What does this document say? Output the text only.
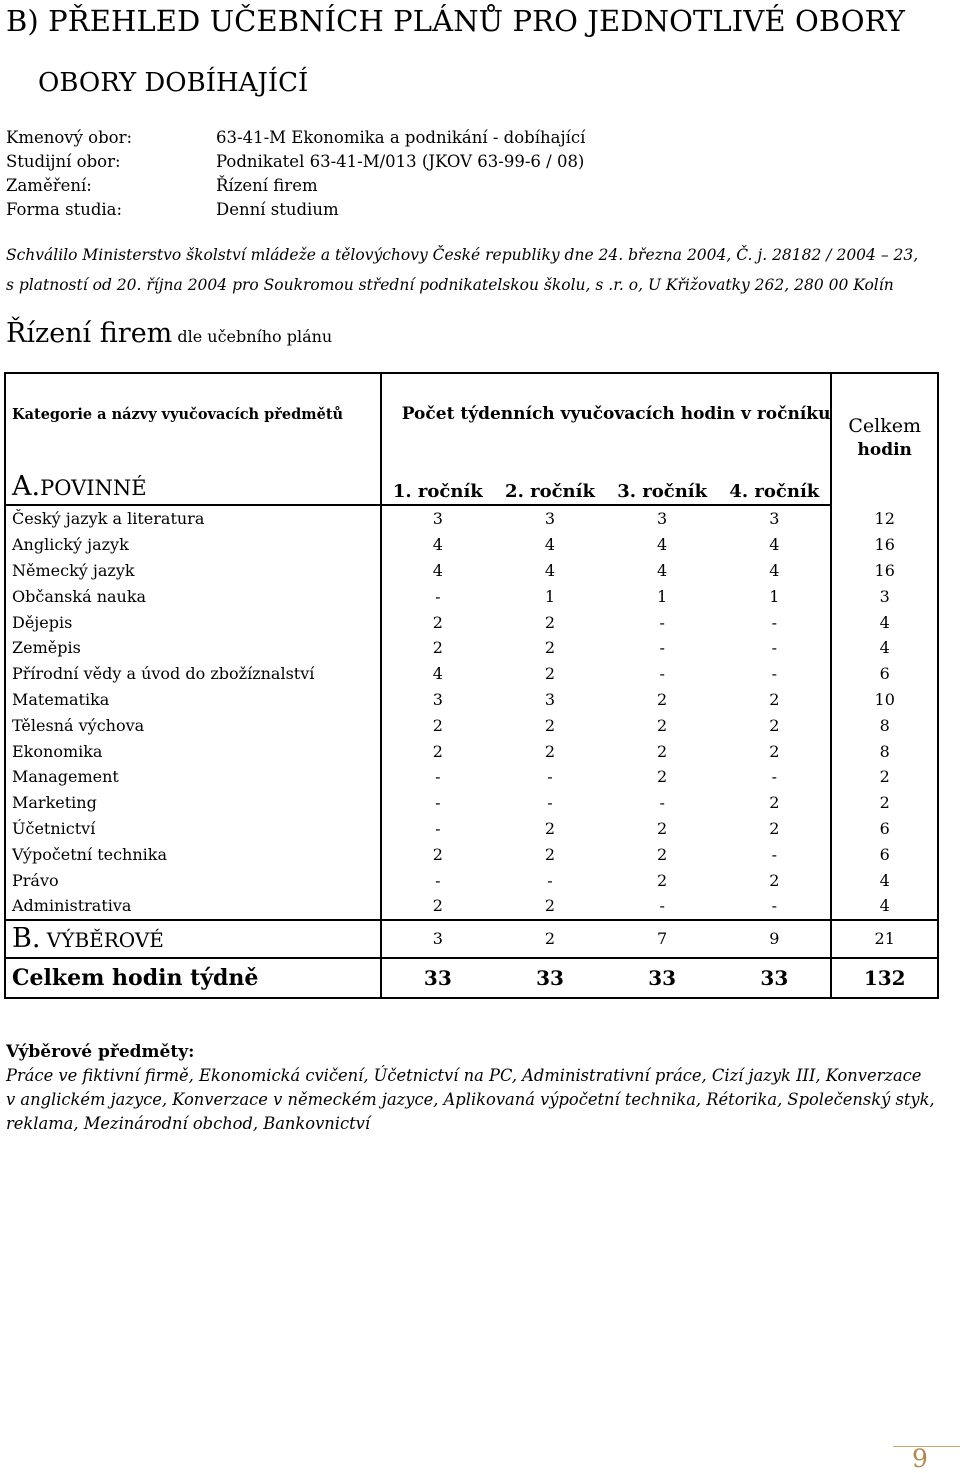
B) PŘEHLED UČEBNÍCH PLÁNŮ PRO JEDNOTLIVÉ OBORY
OBORY DOBÍHAJÍCÍ
Kmenový obor:	63-41-M Ekonomika a podnikání - dobíhající
Studijní obor:	Podnikatel 63-41-M/013 (JKOV 63-99-6 / 08)
Zaměření:	Řízení firem
Forma studia:	Denní studium
Schválilo Ministerstvo školství mládeže a tělovýchovy České republiky dne 24. března 2004, Č. j. 28182 / 2004 – 23,
s platností od 20. října 2004 pro Soukromou střední podnikatelskou školu, s .r. o, U Křižovatky 262, 280 00 Kolín
Řízení firem dle učebního plánu
Kategorie a názvy vyučovacích předmětů	Počet týdenních vyučovacích hodin v ročníku				Celkem
hodin

A.POVINNÉ	1. ročník	2. ročník	3. ročník	4. ročník	
Český jazyk a literatura	3	3	3	3	12
Anglický jazyk	4	4	4	4	16
Německý jazyk	4	4	4	4	16
Občanská nauka	-	1	1	1	3
Dějepis	2	2	-	-	4
Zeměpis	2	2	-	-	4
Přírodní vědy a úvod do zbožíznalství	4	2	-	-	6
Matematika	3	3	2	2	10
Tělesná výchova	2	2	2	2	8
Ekonomika	2	2	2	2	8
Management	-	-	2	-	2
Marketing	-	-	-	2	2
Účetnictví	-	2	2	2	6
Výpočetní technika	2	2	2	-	6
Právo	-	-	2	2	4
Administrativa	2	2	-	-	4
B. VÝBĚROVÉ	3	2	7	9	21
Celkem hodin týdně	33	33	33	33	132
Výběrové předměty:
Práce ve fiktivní firmě, Ekonomická cvičení, Účetnictví na PC, Administrativní práce, Cizí jazyk III, Konverzace
v anglickém jazyce, Konverzace v německém jazyce, Aplikovaná výpočetní technika, Rétorika, Společenský styk,
reklama, Mezinárodní obchod, Bankovnictví
9
